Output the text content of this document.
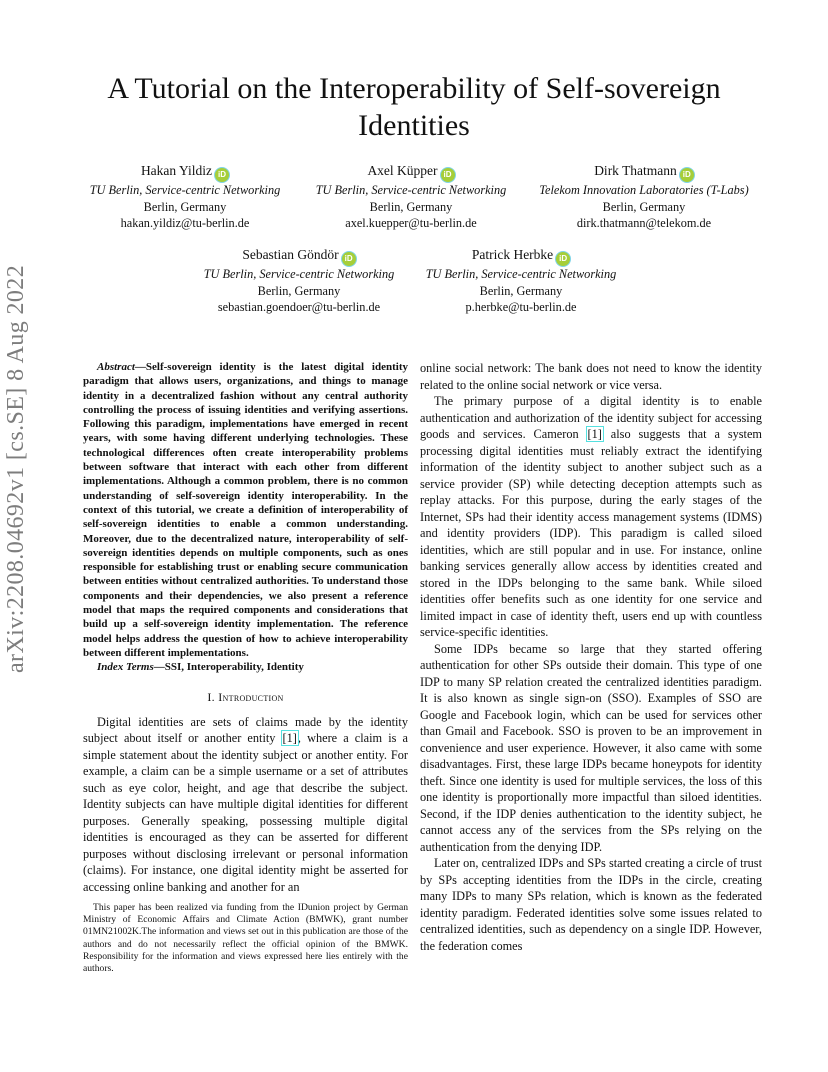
A Tutorial on the Interoperability of Self-sovereign Identities
arXiv:2208.04692v1 [cs.SE] 8 Aug 2022
Hakan Yildiz iD
TU Berlin, Service-centric Networking
Berlin, Germany
hakan.yildiz@tu-berlin.de
Axel Küpper iD
TU Berlin, Service-centric Networking
Berlin, Germany
axel.kuepper@tu-berlin.de
Dirk Thatmann iD
Telekom Innovation Laboratories (T-Labs)
Berlin, Germany
dirk.thatmann@telekom.de
Sebastian Göndör iD
TU Berlin, Service-centric Networking
Berlin, Germany
sebastian.goendoer@tu-berlin.de
Patrick Herbke iD
TU Berlin, Service-centric Networking
Berlin, Germany
p.herbke@tu-berlin.de

Abstract—Self-sovereign identity is the latest digital identity paradigm that allows users, organizations, and things to manage identity in a decentralized fashion without any central authority controlling the process of issuing identities and verifying assertions. Following this paradigm, implementations have emerged in recent years, with some having different underlying technologies. These technological differences often create interoperability problems between software that interact with each other from different implementations. Although a common problem, there is no common understanding of self-sovereign identity interoperability. In the context of this tutorial, we create a definition of interoperability of self-sovereign identities to enable a common understanding. Moreover, due to the decentralized nature, interoperability of self-sovereign identities depends on multiple components, such as ones responsible for establishing trust or enabling secure communication between entities without centralized authorities. To understand those components and their dependencies, we also present a reference model that maps the required components and considerations that build up a self-sovereign identity implementation. The reference model helps address the question of how to achieve interoperability between different implementations.

Index Terms—SSI, Interoperability, Identity

I. Introduction

Digital identities are sets of claims made by the identity subject about itself or another entity [1], where a claim is a simple statement about the identity subject or another entity. For example, a claim can be a simple username or a set of attributes such as eye color, height, and age that describe the subject. Identity subjects can have multiple digital identities for different purposes. Generally speaking, possessing multiple digital identities is encouraged as they can be asserted for different purposes without disclosing irrelevant or personal information (claims). For instance, one digital identity might be asserted for accessing online banking and another for an

online social network: The bank does not need to know the identity related to the online social network or vice versa.

The primary purpose of a digital identity is to enable authentication and authorization of the identity subject for accessing goods and services. Cameron [1] also suggests that a system processing digital identities must reliably extract the identifying information of the identity subject to another subject such as a service provider (SP) while detecting deception attempts such as replay attacks. For this purpose, during the early stages of the Internet, SPs had their identity access management systems (IDMS) and identity providers (IDP). This paradigm is called siloed identities, which are still popular and in use. For instance, online banking services generally allow access by identities created and stored in the IDPs belonging to the same bank. While siloed identities offer benefits such as one identity for one service and limited impact in case of identity theft, users end up with countless service-specific identities.

Some IDPs became so large that they started offering authentication for other SPs outside their domain. This type of one IDP to many SP relation created the centralized identities paradigm. It is also known as single sign-on (SSO). Examples of SSO are Google and Facebook login, which can be used for services other than Gmail and Facebook. SSO is proven to be an improvement in convenience and user experience. However, it also came with some disadvantages. First, these large IDPs became honeypots for identity theft. Since one identity is used for multiple services, the loss of this one identity is proportionally more impactful than siloed identities. Second, if the IDP denies authentication to the identity subject, he cannot access any of the services from the SPs relying on the authentication from the denying IDP.

Later on, centralized IDPs and SPs started creating a circle of trust by SPs accepting identities from the IDPs in the circle, creating many IDPs to many SPs relation, which is known as the federated identity paradigm. Federated identities solve some issues related to centralized identities, such as dependency on a single IDP. However, the federation comes

This paper has been realized via funding from the IDunion project by German Ministry of Economic Affairs and Climate Action (BMWK), grant number 01MN21002K.The information and views set out in this publication are those of the authors and do not necessarily reflect the official opinion of the BMWK. Responsibility for the information and views expressed here lies entirely with the authors.
